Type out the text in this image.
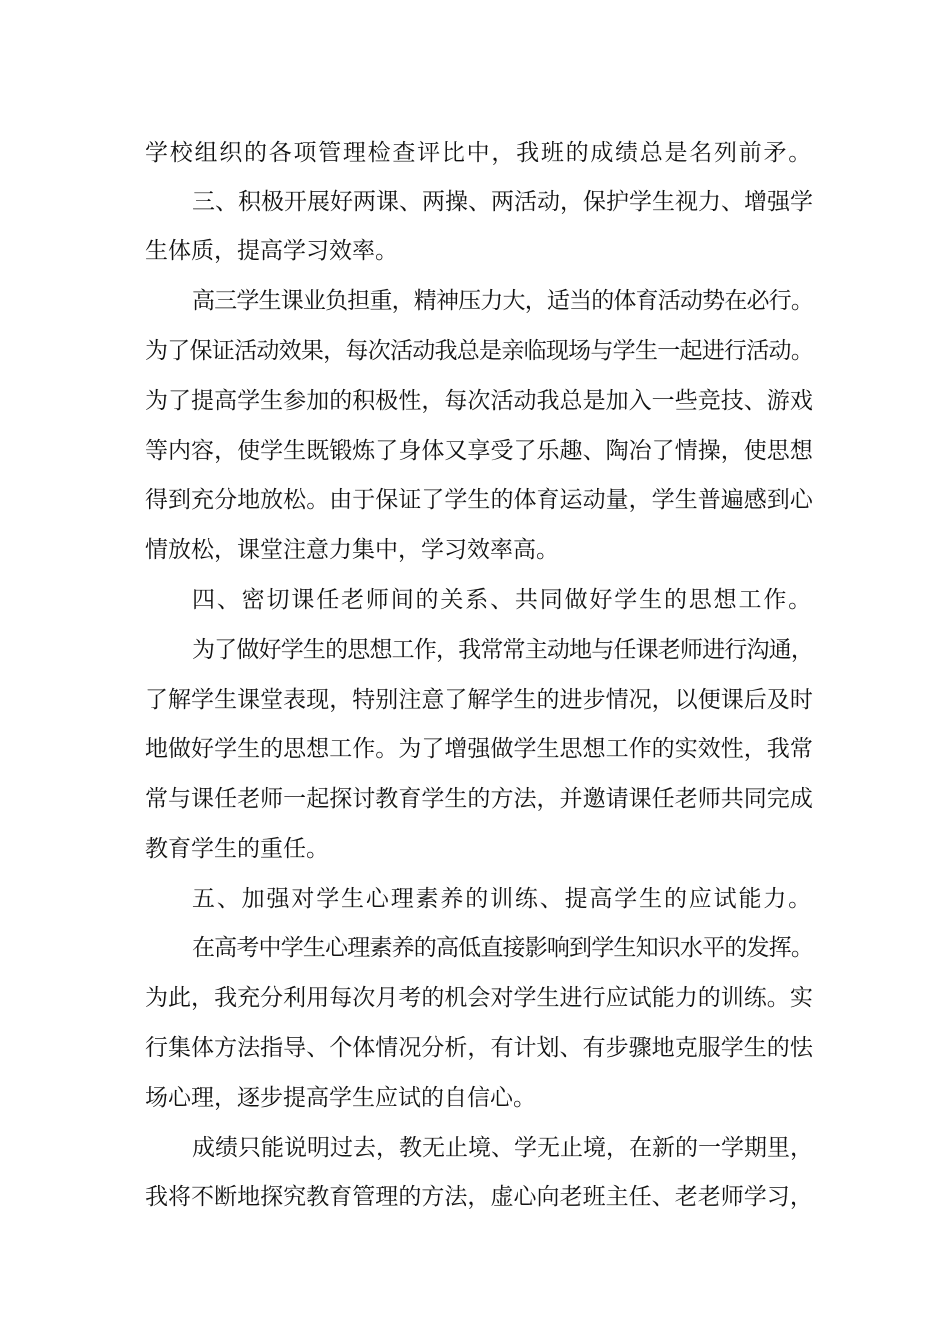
学校组织的各项管理检查评比中，我班的成绩总是名列前矛。
三、积极开展好两课、两操、两活动，保护学生视力、增强学
生体质，提高学习效率。
高三学生课业负担重，精神压力大，适当的体育活动势在必行。
为了保证活动效果，每次活动我总是亲临现场与学生一起进行活动。
为了提高学生参加的积极性，每次活动我总是加入一些竞技、游戏
等内容，使学生既锻炼了身体又享受了乐趣、陶冶了情操，使思想
得到充分地放松。由于保证了学生的体育运动量，学生普遍感到心
情放松，课堂注意力集中，学习效率高。
四、密切课任老师间的关系、共同做好学生的思想工作。
为了做好学生的思想工作，我常常主动地与任课老师进行沟通，
了解学生课堂表现，特别注意了解学生的进步情况，以便课后及时
地做好学生的思想工作。为了增强做学生思想工作的实效性，我常
常与课任老师一起探讨教育学生的方法，并邀请课任老师共同完成
教育学生的重任。
五、加强对学生心理素养的训练、提高学生的应试能力。
在高考中学生心理素养的高低直接影响到学生知识水平的发挥。
为此，我充分利用每次月考的机会对学生进行应试能力的训练。实
行集体方法指导、个体情况分析，有计划、有步骤地克服学生的怯
场心理，逐步提高学生应试的自信心。
成绩只能说明过去，教无止境、学无止境，在新的一学期里，
我将不断地探究教育管理的方法，虚心向老班主任、老老师学习，
